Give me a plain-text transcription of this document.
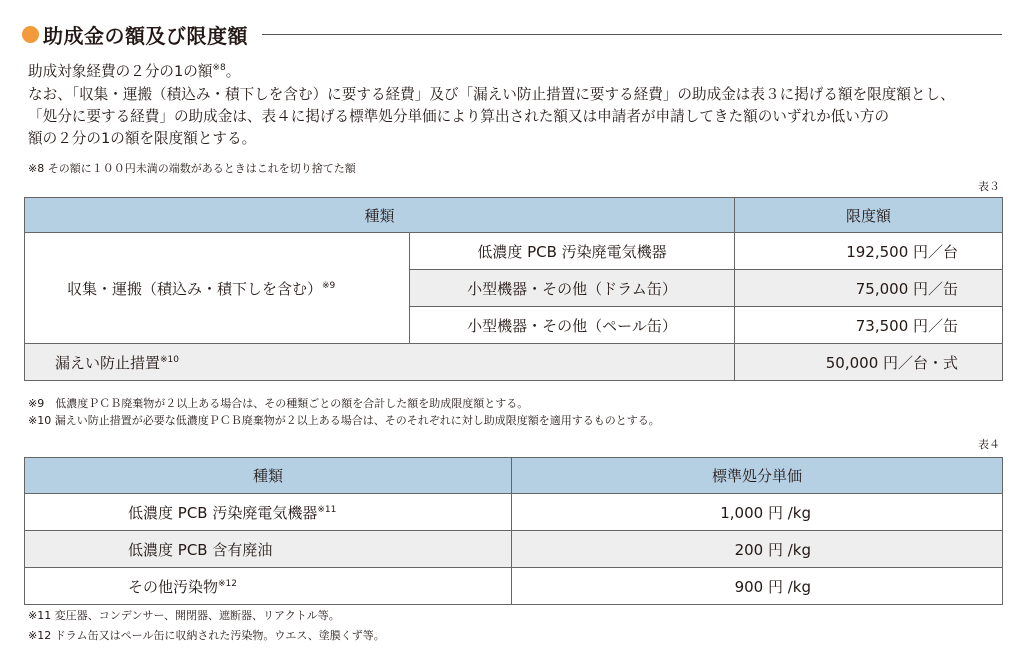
助成金の額及び限度額
助成対象経費の２分の1の額$^{※8}$。
なお、「収集・運搬（積込み・積下しを含む）に要する経費」及び「漏えい防止措置に要する経費」の助成金は表３に掲げる額を限度額とし、
「処分に要する経費」の助成金は、表４に掲げる標準処分単価により算出された額又は申請者が申請してきた額のいずれか低い方の
額の２分の1の額を限度額とする。
※8 その額に１００円未満の端数があるときはこれを切り捨てた額
表３
種類		限度額
収集・運搬（積込み・積下しを含む）$^{※9}$	低濃度 PCB 汚染廃電気機器	192,500 円／台
	小型機器・その他（ドラム缶）	75,000 円／缶
	小型機器・その他（ペール缶）	73,500 円／缶
漏えい防止措置$^{※10}$		50,000 円／台・式
※9　低濃度ＰＣＢ廃棄物が２以上ある場合は、その種類ごとの額を合計した額を助成限度額とする。
※10 漏えい防止措置が必要な低濃度ＰＣＢ廃棄物が２以上ある場合は、そのそれぞれに対し助成限度額を適用するものとする。
表４
種類	標準処分単価
低濃度 PCB 汚染廃電気機器$^{※11}$	1,000 円 /kg
低濃度 PCB 含有廃油	200 円 /kg
その他汚染物$^{※12}$	900 円 /kg
※11 変圧器、コンデンサー、開閉器、遮断器、リアクトル等。
※12 ドラム缶又はペール缶に収納された汚染物。ウエス、塗膜くず等。
